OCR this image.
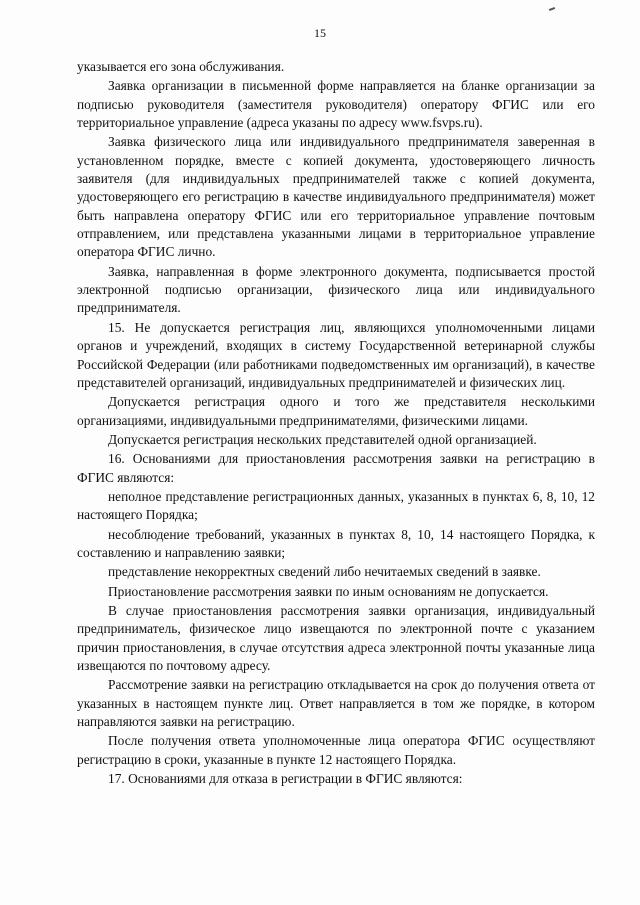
15

указывается его зона обслуживания.

Заявка организации в письменной форме направляется на бланке организации за подписью руководителя (заместителя руководителя) оператору ФГИС или его территориальное управление (адреса указаны по адресу www.fsvps.ru).

Заявка физического лица или индивидуального предпринимателя заверенная в установленном порядке, вместе с копией документа, удостоверяющего личность заявителя (для индивидуальных предпринимателей также с копией документа, удостоверяющего его регистрацию в качестве индивидуального предпринимателя) может быть направлена оператору ФГИС или его территориальное управление почтовым отправлением, или представлена указанными лицами в территориальное управление оператора ФГИС лично.

Заявка, направленная в форме электронного документа, подписывается простой электронной подписью организации, физического лица или индивидуального предпринимателя.

15. Не допускается регистрация лиц, являющихся уполномоченными лицами органов и учреждений, входящих в систему Государственной ветеринарной службы Российской Федерации (или работниками подведомственных им организаций), в качестве представителей организаций, индивидуальных предпринимателей и физических лиц.

Допускается регистрация одного и того же представителя несколькими организациями, индивидуальными предпринимателями, физическими лицами.

Допускается регистрация нескольких представителей одной организацией.

16. Основаниями для приостановления рассмотрения заявки на регистрацию в ФГИС являются:

неполное представление регистрационных данных, указанных в пунктах 6, 8, 10, 12 настоящего Порядка;

несоблюдение требований, указанных в пунктах 8, 10, 14 настоящего Порядка, к составлению и направлению заявки;

представление некорректных сведений либо нечитаемых сведений в заявке.

Приостановление рассмотрения заявки по иным основаниям не допускается.

В случае приостановления рассмотрения заявки организация, индивидуальный предприниматель, физическое лицо извещаются по электронной почте с указанием причин приостановления, в случае отсутствия адреса электронной почты указанные лица извещаются по почтовому адресу.

Рассмотрение заявки на регистрацию откладывается на срок до получения ответа от указанных в настоящем пункте лиц. Ответ направляется в том же порядке, в котором направляются заявки на регистрацию.

После получения ответа уполномоченные лица оператора ФГИС осуществляют регистрацию в сроки, указанные в пункте 12 настоящего Порядка.

17. Основаниями для отказа в регистрации в ФГИС являются:
